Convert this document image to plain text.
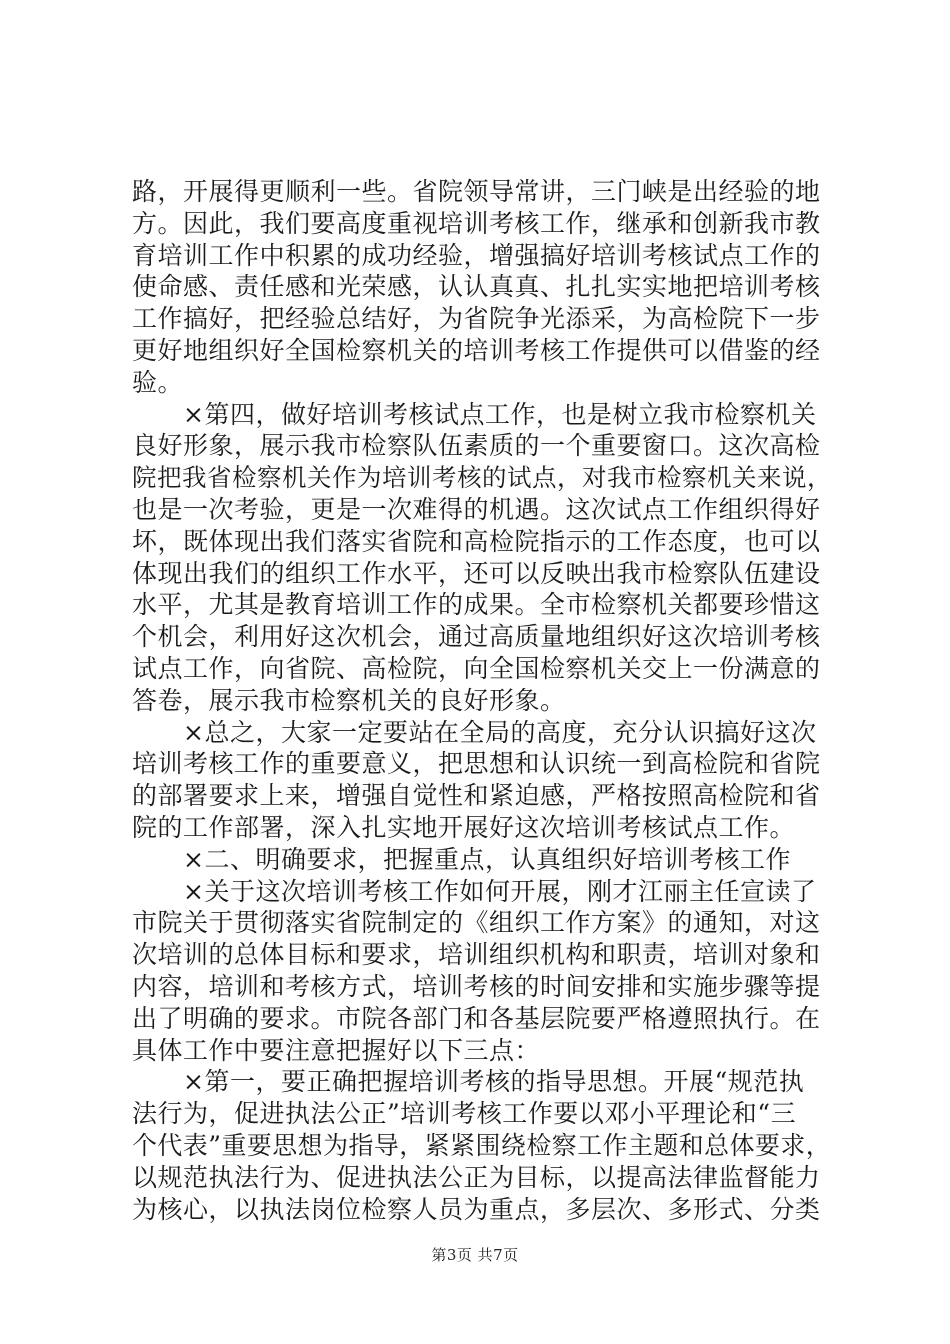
路，开展得更顺利一些。省院领导常讲，三门峡是出经验的地
方。因此，我们要高度重视培训考核工作，继承和创新我市教
育培训工作中积累的成功经验，增强搞好培训考核试点工作的
使命感、责任感和光荣感，认认真真、扎扎实实地把培训考核
工作搞好，把经验总结好，为省院争光添采，为高检院下一步
更好地组织好全国检察机关的培训考核工作提供可以借鉴的经
验。
　　×第四，做好培训考核试点工作，也是树立我市检察机关
良好形象，展示我市检察队伍素质的一个重要窗口。这次高检
院把我省检察机关作为培训考核的试点，对我市检察机关来说，
也是一次考验，更是一次难得的机遇。这次试点工作组织得好
坏，既体现出我们落实省院和高检院指示的工作态度，也可以
体现出我们的组织工作水平，还可以反映出我市检察队伍建设
水平，尤其是教育培训工作的成果。全市检察机关都要珍惜这
个机会，利用好这次机会，通过高质量地组织好这次培训考核
试点工作，向省院、高检院，向全国检察机关交上一份满意的
答卷，展示我市检察机关的良好形象。
　　×总之，大家一定要站在全局的高度，充分认识搞好这次
培训考核工作的重要意义，把思想和认识统一到高检院和省院
的部署要求上来，增强自觉性和紧迫感，严格按照高检院和省
院的工作部署，深入扎实地开展好这次培训考核试点工作。
　　×二、明确要求，把握重点，认真组织好培训考核工作
　　×关于这次培训考核工作如何开展，刚才江丽主任宣读了
市院关于贯彻落实省院制定的《组织工作方案》的通知，对这
次培训的总体目标和要求，培训组织机构和职责，培训对象和
内容，培训和考核方式，培训考核的时间安排和实施步骤等提
出了明确的要求。市院各部门和各基层院要严格遵照执行。在
具体工作中要注意把握好以下三点：
　　×第一，要正确把握培训考核的指导思想。开展“规范执
法行为，促进执法公正”培训考核工作要以邓小平理论和“三
个代表”重要思想为指导，紧紧围绕检察工作主题和总体要求，
以规范执法行为、促进执法公正为目标，以提高法律监督能力
为核心，以执法岗位检察人员为重点，多层次、多形式、分类
第3页 共7页
